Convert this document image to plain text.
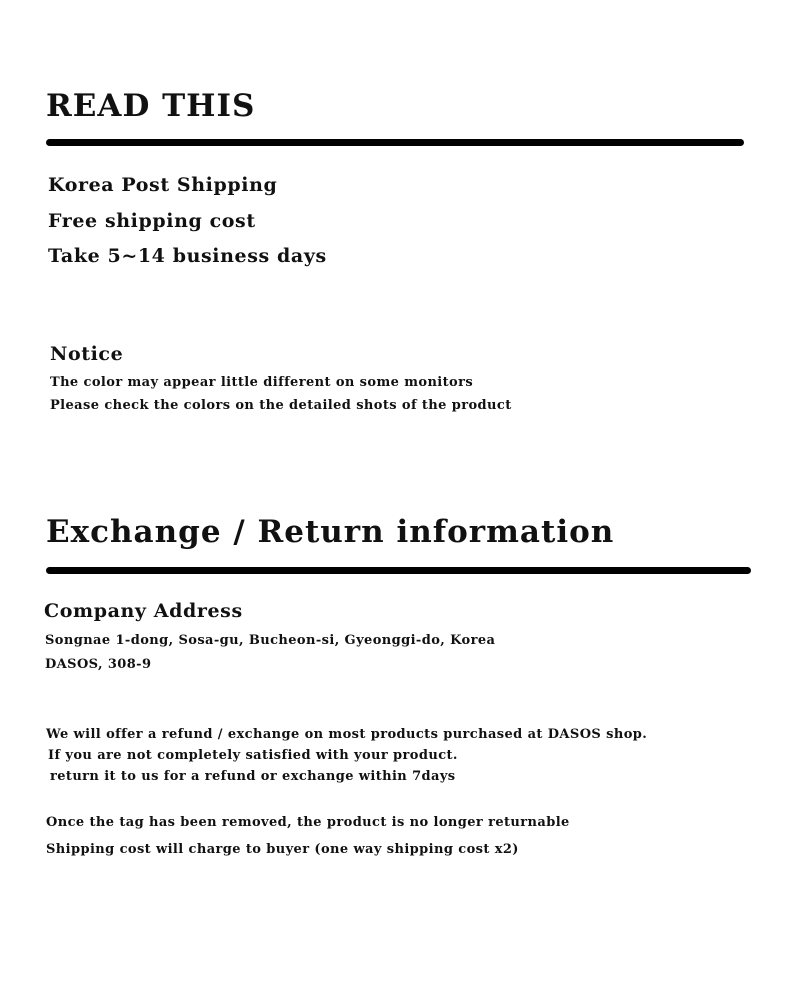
READ THIS

Korea Post Shipping

Free shipping cost

Take 5~14 business days

Notice

The color may appear little different on some monitors

Please check the colors on the detailed shots of the product

Exchange / Return information

Company Address

Songnae 1-dong, Sosa-gu, Bucheon-si, Gyeonggi-do, Korea

DASOS, 308-9

We will offer a refund / exchange on most products purchased at DASOS shop.

If you are not completely satisfied with your product.

return it to us for a refund or exchange within 7days

Once the tag has been removed, the product is no longer returnable

Shipping cost will charge to buyer (one way shipping cost x2)
